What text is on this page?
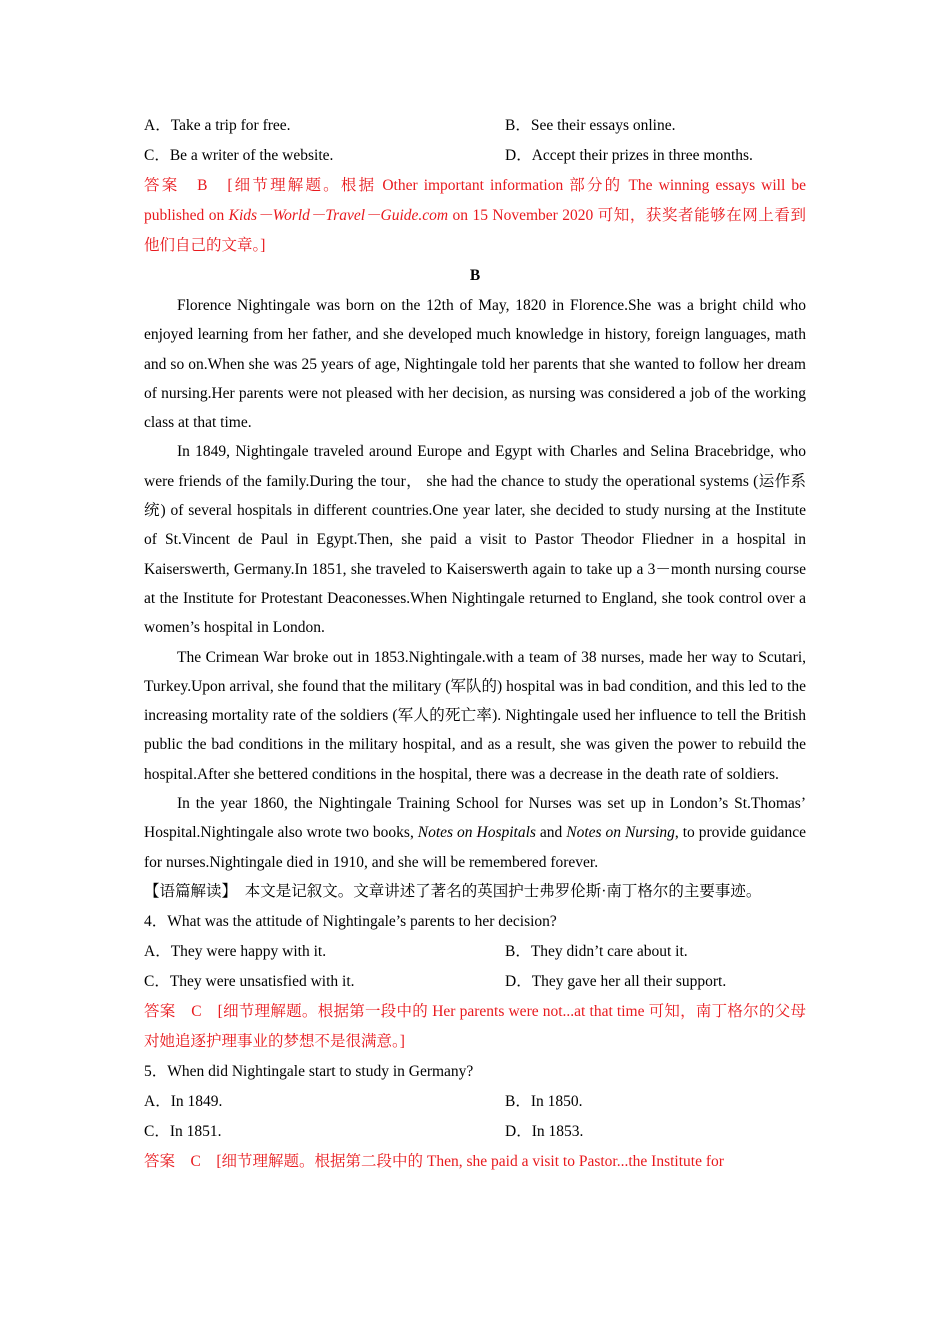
A．Take a trip for free.	B．See their essays online.
C．Be a writer of the website.	D．Accept their prizes in three months.

答案　B　[细节理解题。根据 Other important information 部分的 The winning essays will be published on Kids－World－Travel－Guide.com on 15 November 2020 可知，获奖者能够在网上看到他们自己的文章。]

B

Florence Nightingale was born on the 12th of May, 1820 in Florence.She was a bright child who enjoyed learning from her father, and she developed much knowledge in history, foreign languages, math and so on.When she was 25 years of age, Nightingale told her parents that she wanted to follow her dream of nursing.Her parents were not pleased with her decision, as nursing was considered a job of the working class at that time.

In 1849, Nightingale traveled around Europe and Egypt with Charles and Selina Bracebridge, who were friends of the family.During the tour， she had the chance to study the operational systems (运作系统) of several hospitals in different countries.One year later, she decided to study nursing at the Institute of St.Vincent de Paul in Egypt.Then, she paid a visit to Pastor Theodor Fliedner in a hospital in Kaiserswerth, Germany.In 1851, she traveled to Kaiserswerth again to take up a 3－month nursing course at the Institute for Protestant Deaconesses.When Nightingale returned to England, she took control over a women’s hospital in London.

The Crimean War broke out in 1853.Nightingale.with a team of 38 nurses, made her way to Scutari, Turkey.Upon arrival, she found that the military (军队的) hospital was in bad condition, and this led to the increasing mortality rate of the soldiers (军人的死亡率). Nightingale used her influence to tell the British public the bad conditions in the military hospital, and as a result, she was given the power to rebuild the hospital.After she bettered conditions in the hospital, there was a decrease in the death rate of soldiers.

In the year 1860, the Nightingale Training School for Nurses was set up in London’s St.Thomas’ Hospital.Nightingale also wrote two books, Notes on Hospitals and Notes on Nursing, to provide guidance for nurses.Nightingale died in 1910, and she will be remembered forever.

【语篇解读】　本文是记叙文。文章讲述了著名的英国护士弗罗伦斯·南丁格尔的主要事迹。
4．What was the attitude of Nightingale’s parents to her decision?
A．They were happy with it.	B．They didn’t care about it.
C．They were unsatisfied with it.	D．They gave her all their support.

答案　C　[细节理解题。根据第一段中的 Her parents were not...at that time 可知，南丁格尔的父母对她追逐护理事业的梦想不是很满意。]

5．When did Nightingale start to study in Germany?
A．In 1849.	B．In 1850.
C．In 1851.	D．In 1853.
答案　C　[细节理解题。根据第二段中的 Then, she paid a visit to Pastor...the Institute for
